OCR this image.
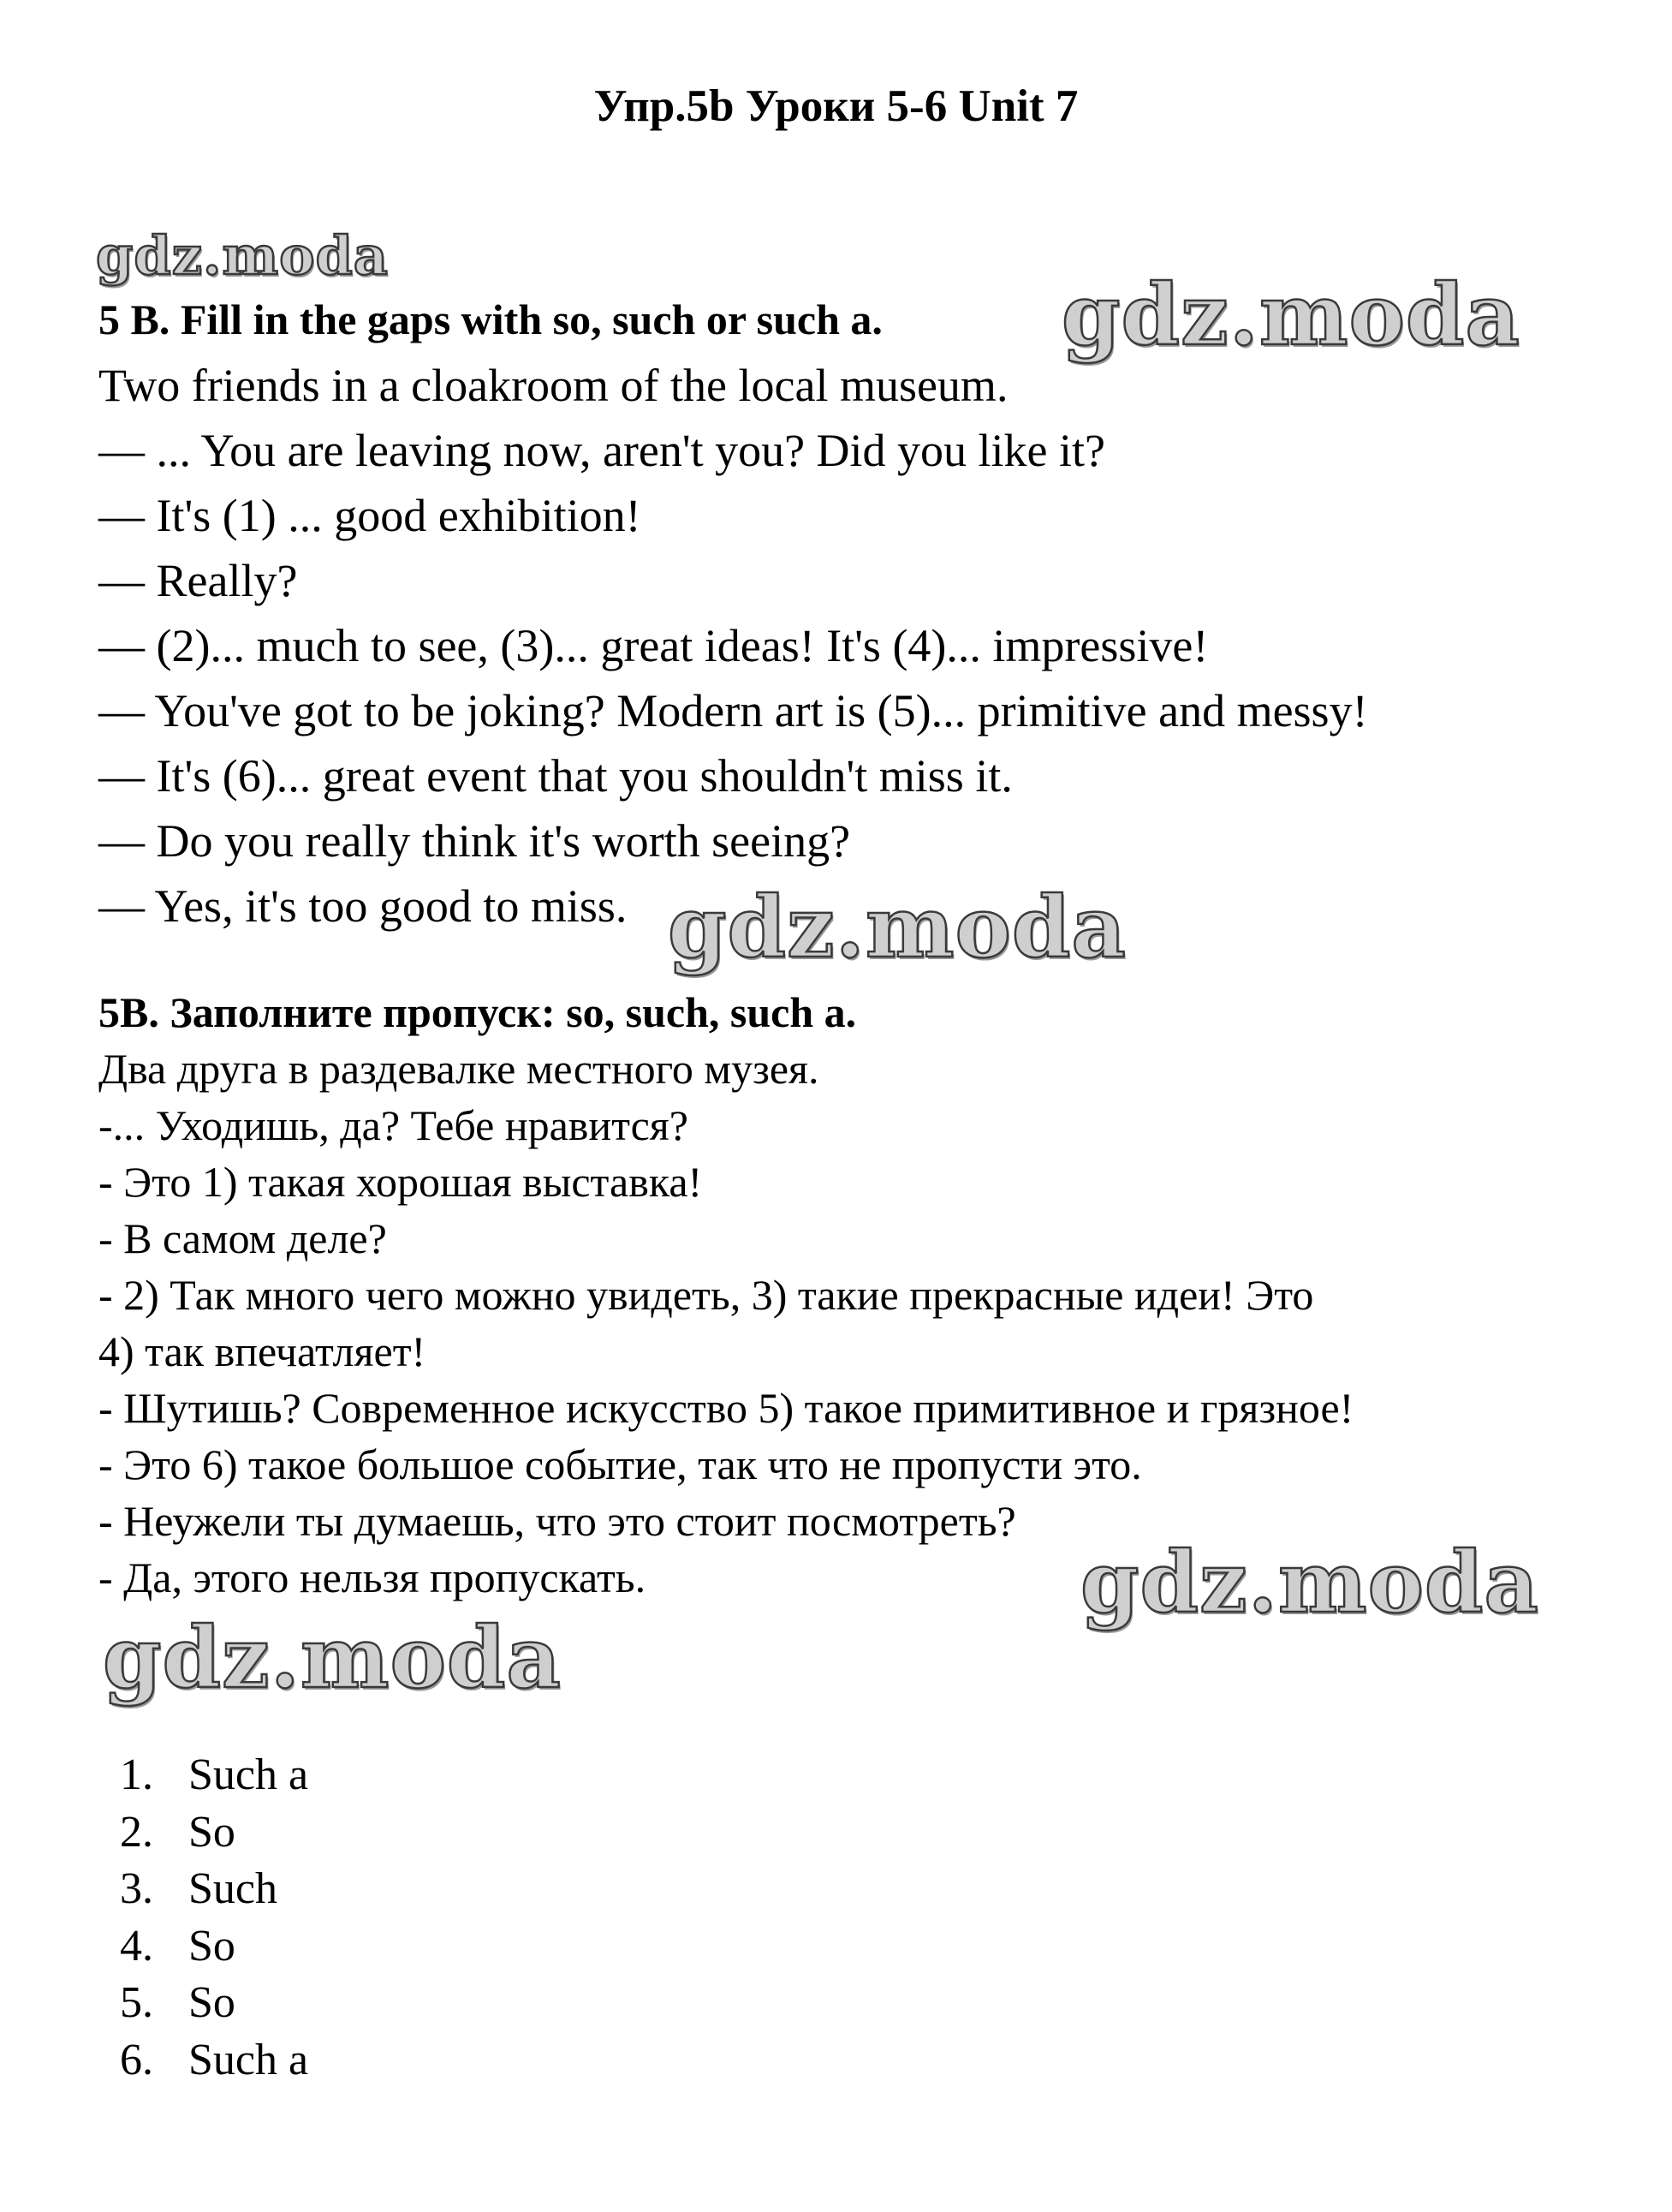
Упр.5b Уроки 5-6 Unit 7
gdz.moda
gdz.moda
gdz.moda
gdz.moda
gdz.moda
5 B. Fill in the gaps with so, such or such a.
Two friends in a cloakroom of the local museum.
— ... You are leaving now, aren't you? Did you like it?
— It's (1) ... good exhibition!
— Really?
— (2)... much to see, (3)... great ideas! It's (4)... impressive!
— You've got to be joking? Modern art is (5)... primitive and messy!
— It's (6)... great event that you shouldn't miss it.
— Do you really think it's worth seeing?
— Yes, it's too good to miss.
5B. Заполните пропуск: so, such, such a.
Два друга в раздевалке местного музея.
-... Уходишь, да? Тебе нравится?
- Это 1) такая хорошая выставка!
- В самом деле?
- 2) Так много чего можно увидеть, 3) такие прекрасные идеи! Это
4) так впечатляет!
- Шутишь? Современное искусство 5) такое примитивное и грязное!
- Это 6) такое большое событие, так что не пропусти это.
- Неужели ты думаешь, что это стоит посмотреть?
- Да, этого нельзя пропускать.
1. Such a
2. So
3. Such
4. So
5. So
6. Such a
